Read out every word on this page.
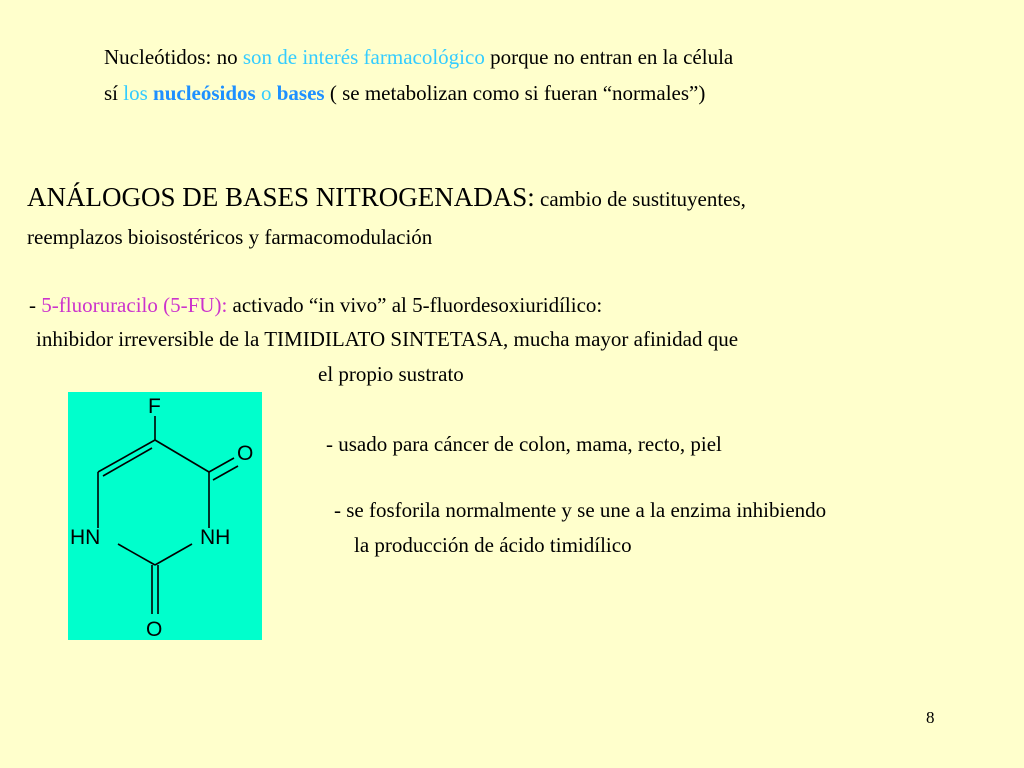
Nucleótidos: no son de interés farmacológico porque no entran en la célula
sí los nucleósidos o bases ( se metabolizan como si fueran “normales”)
ANÁLOGOS DE BASES NITROGENADAS: cambio de sustituyentes,
reemplazos bioisostéricos y farmacomodulación
- 5-fluoruracilo (5-FU): activado “in vivo” al 5-fluordesoxiuridílico:
inhibidor irreversible de la TIMIDILATO SINTETASA, mucha mayor afinidad que
el propio sustrato
- usado para cáncer de colon, mama, recto, piel
- se fosforila normalmente y se une a la enzima inhibiendo
la producción de ácido timidílico
F
O
HN	NH
O
8
